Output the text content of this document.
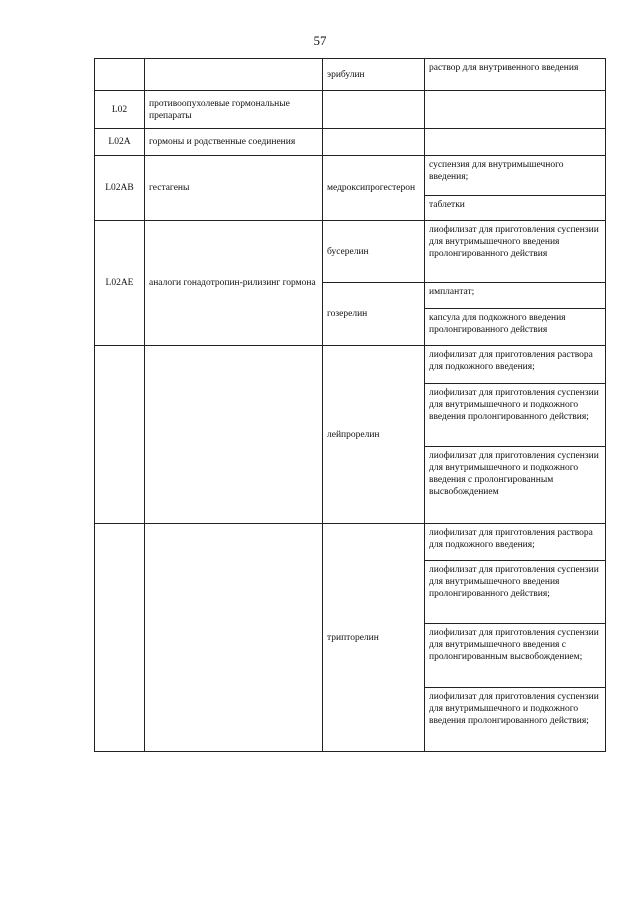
57
		эрибулин	раствор для внутривенного введения
L02	противоопухолевые гормональные препараты		
L02A	гормоны и родственные соединения		
L02AB	гестагены	медроксипрогестерон	суспензия для внутримышечного введения;
			таблетки
L02AE	аналоги гонадотропин-рилизинг гормона	бусерелин	лиофилизат для приготовления суспензии для внутримышечного введения пролонгированного действия
		гозерелин	имплантат;
			капсула для подкожного введения пролонгированного действия
		лейпрорелин	лиофилизат для приготовления раствора для подкожного введения;
			лиофилизат для приготовления суспензии для внутримышечного и подкожного введения пролонгированного действия;
			лиофилизат для приготовления суспензии для внутримышечного и подкожного введения с пролонгированным высвобождением
		трипторелин	лиофилизат для приготовления раствора для подкожного введения;
			лиофилизат для приготовления суспензии для внутримышечного введения пролонгированного действия;
			лиофилизат для приготовления суспензии для внутримышечного введения с пролонгированным высвобождением;
			лиофилизат для приготовления суспензии для внутримышечного и подкожного введения пролонгированного действия;
